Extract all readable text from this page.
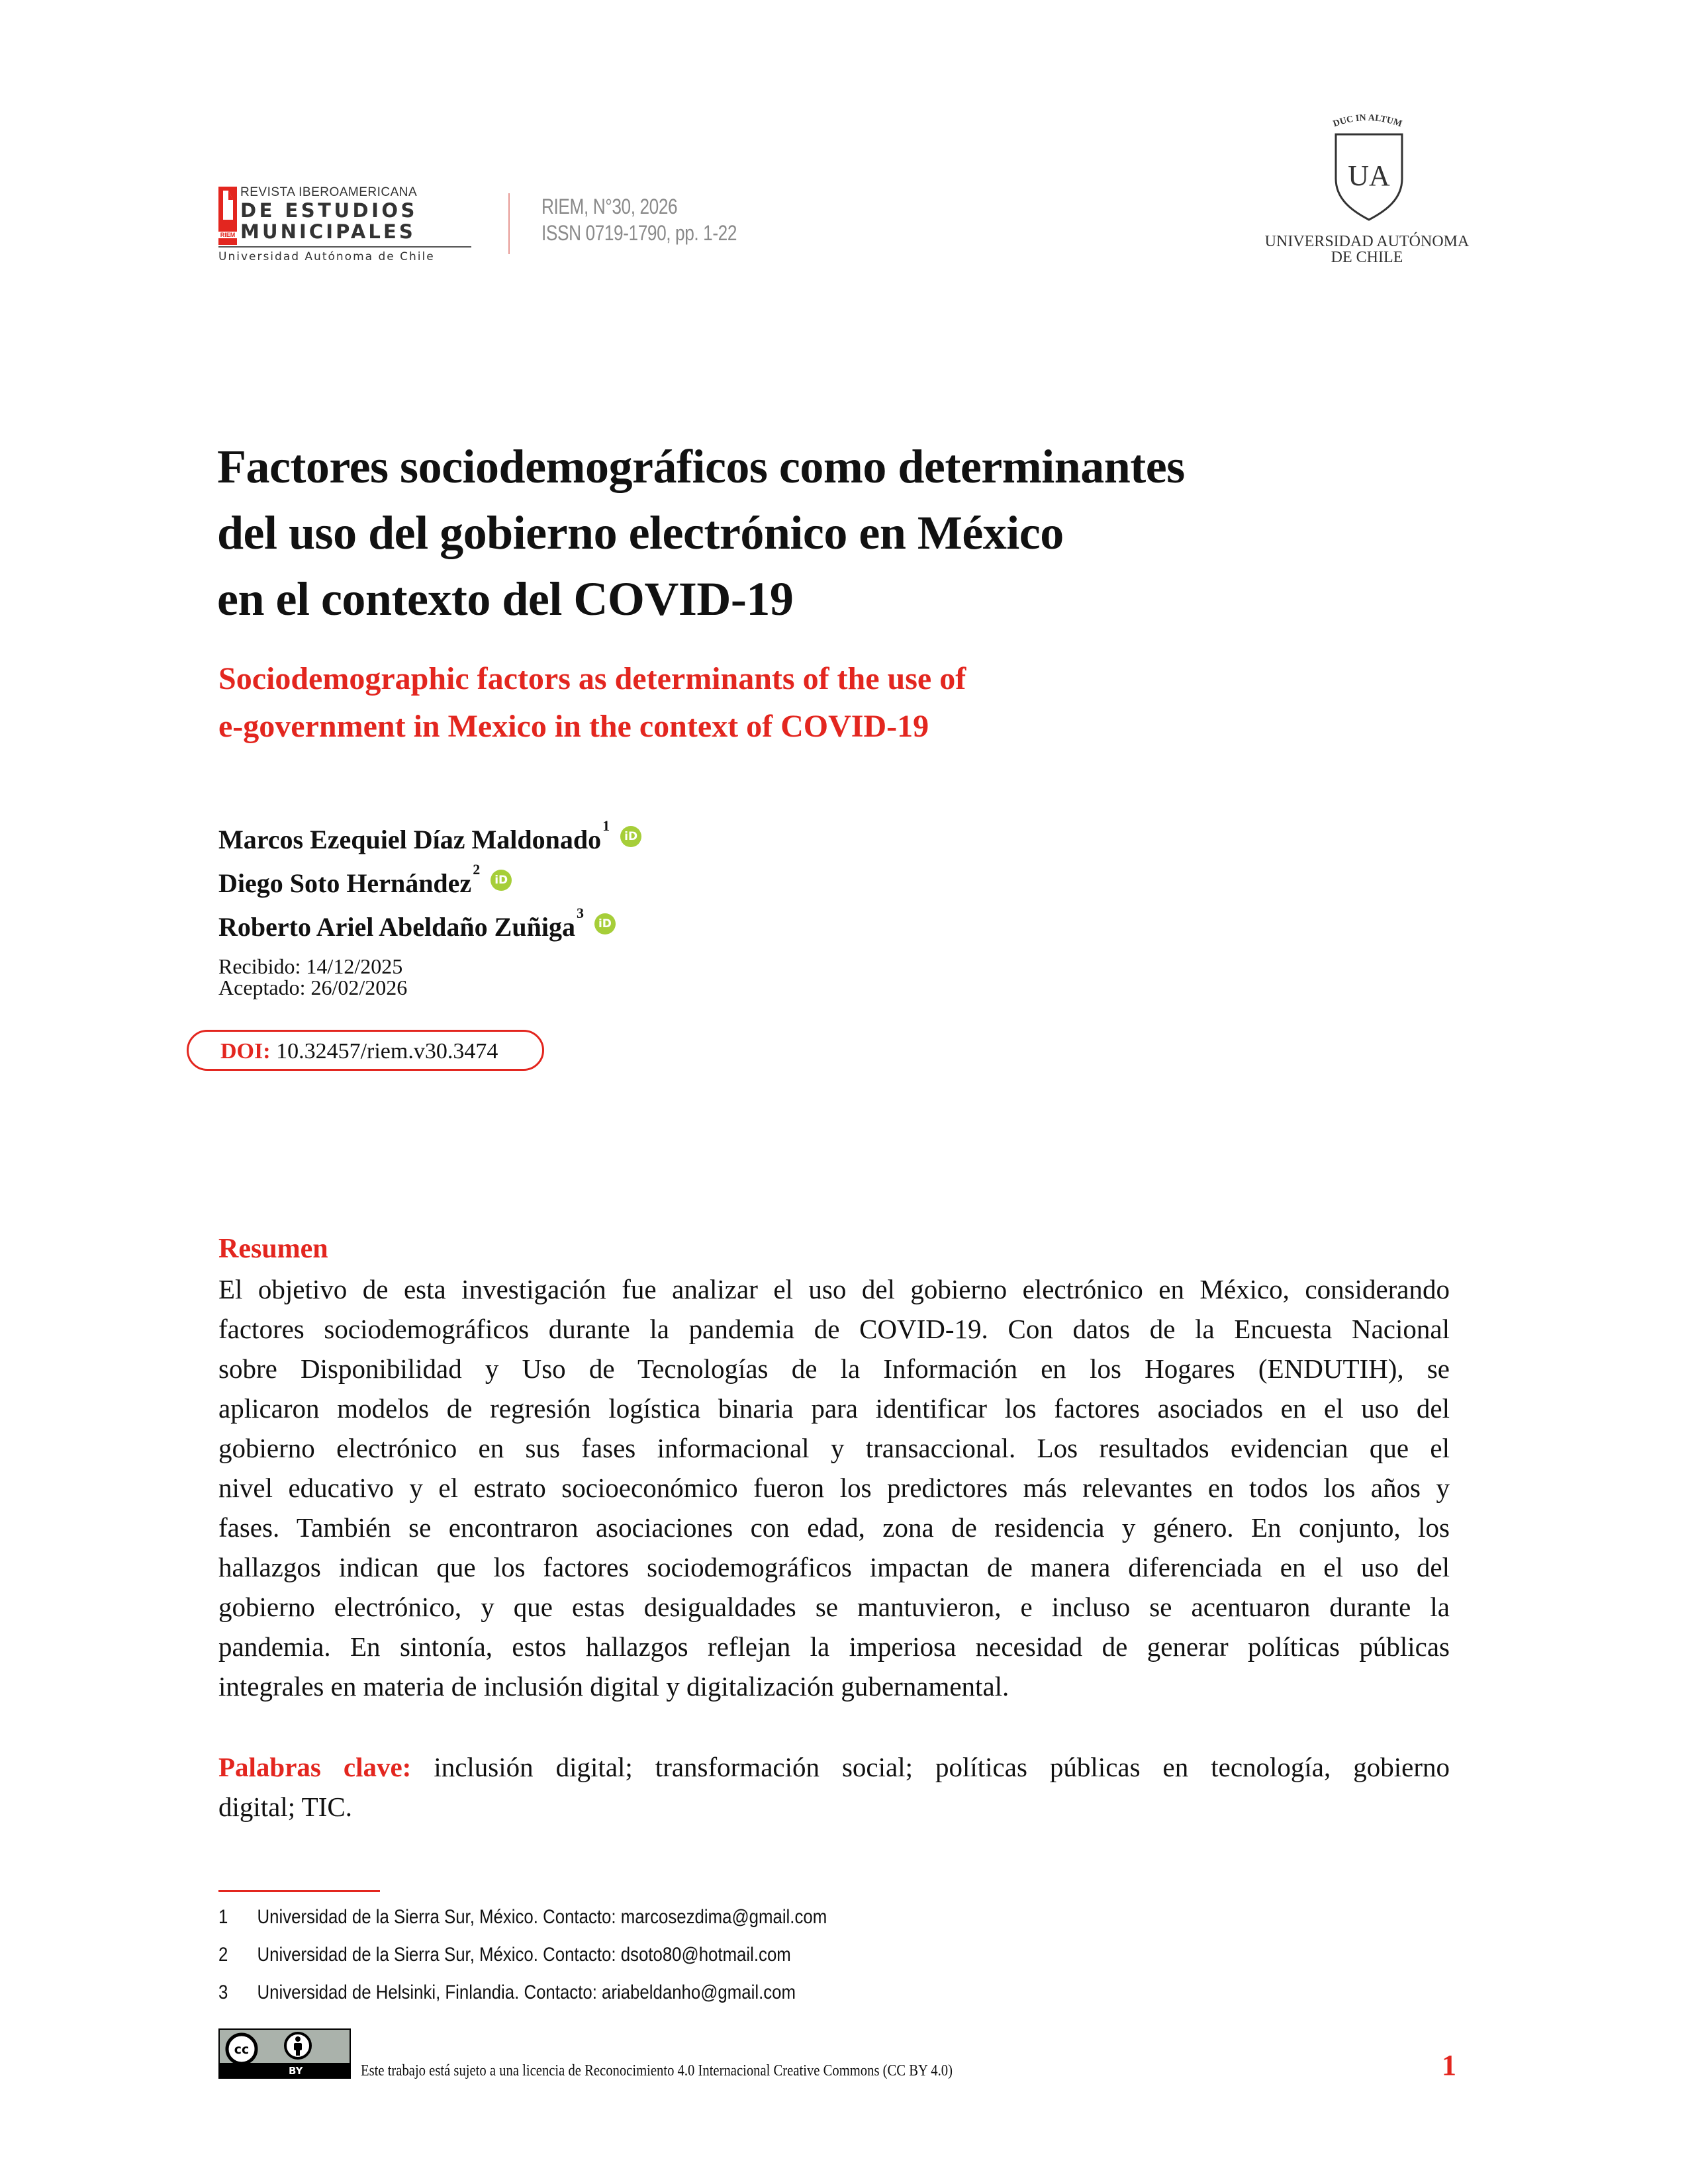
RIEM
REVISTA IBEROAMERICANA
DE ESTUDIOS
MUNICIPALES
Universidad Autónoma de Chile
RIEM, N°30, 2026
ISSN 0719-1790, pp. 1-22
DUC IN ALTUM
UA
UNIVERSIDAD AUTÓNOMA
DE CHILE
Factores sociodemográficos como determinantes
del uso del gobierno electrónico en México
en el contexto del COVID-19
Sociodemographic factors as determinants of the use of
e-government in Mexico in the context of COVID-19
Marcos Ezequiel Díaz Maldonado$^1$
iD
Diego Soto Hernández$^2$
iD
Roberto Ariel Abeldaño Zuñiga$^3$
iD
Recibido: 14/12/2025
Aceptado: 26/02/2026
DOI: 10.32457/riem.v30.3474
Resumen
El objetivo de esta investigación fue analizar el uso del gobierno electrónico en México, considerando
factores sociodemográficos durante la pandemia de COVID-19. Con datos de la Encuesta Nacional
sobre Disponibilidad y Uso de Tecnologías de la Información en los Hogares (ENDUTIH), se
aplicaron modelos de regresión logística binaria para identificar los factores asociados en el uso del
gobierno electrónico en sus fases informacional y transaccional. Los resultados evidencian que el
nivel educativo y el estrato socioeconómico fueron los predictores más relevantes en todos los años y
fases. También se encontraron asociaciones con edad, zona de residencia y género. En conjunto, los
hallazgos indican que los factores sociodemográficos impactan de manera diferenciada en el uso del
gobierno electrónico, y que estas desigualdades se mantuvieron, e incluso se acentuaron durante la
pandemia. En sintonía, estos hallazgos reflejan la imperiosa necesidad de generar políticas públicas
integrales en materia de inclusión digital y digitalización gubernamental.
Palabras clave: inclusión digital; transformación social; políticas públicas en tecnología, gobierno
digital; TIC.
1	Universidad de la Sierra Sur, México. Contacto: marcosezdima@gmail.com
2	Universidad de la Sierra Sur, México. Contacto: dsoto80@hotmail.com
3	Universidad de Helsinki, Finlandia. Contacto: ariabeldanho@gmail.com
cc
BY	Este trabajo está sujeto a una licencia de Reconocimiento 4.0 Internacional Creative Commons (CC BY 4.0)	1
